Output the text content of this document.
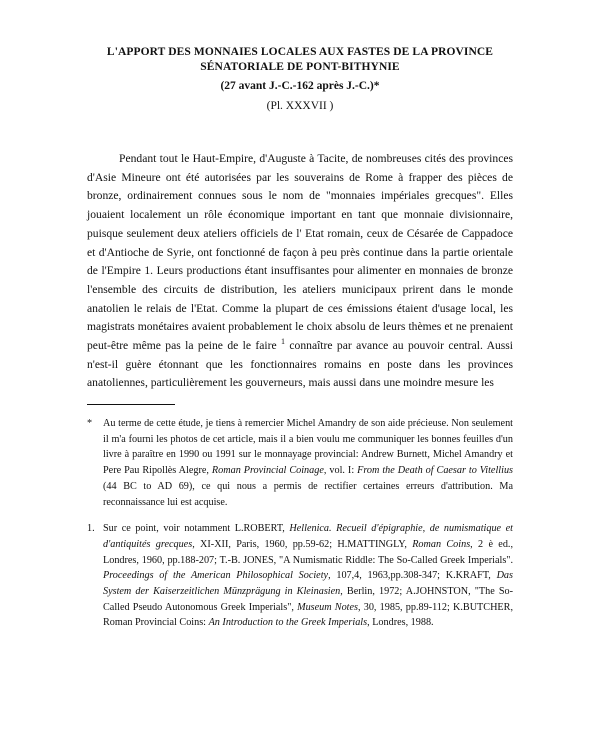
L'APPORT DES MONNAIES LOCALES AUX FASTES DE LA PROVINCE
SÉNATORIALE DE PONT-BITHYNIE
(27 avant J.-C.-162 après J.-C.)*
(Pl. XXXVII )

Pendant tout le Haut-Empire, d'Auguste à Tacite, de nombreuses cités des provinces d'Asie Mineure ont été autorisées par les souverains de Rome à frapper des pièces de bronze, ordinairement connues sous le nom de "monnaies impériales grecques". Elles jouaient localement un rôle économique important en tant que monnaie divisionnaire, puisque seulement deux ateliers officiels de l' Etat romain, ceux de Césarée de Cappadoce et d'Antioche de Syrie, ont fonctionné de façon à peu près continue dans la partie orientale de l'Empire 1. Leurs productions étant insuffisantes pour alimenter en monnaies de bronze l'ensemble des circuits de distribution, les ateliers municipaux prirent dans le monde anatolien le relais de l'Etat. Comme la plupart de ces émissions étaient d'usage local, les magistrats monétaires avaient probablement le choix absolu de leurs thèmes et ne prenaient peut-être même pas la peine de le faire $^1$ connaître par avance au pouvoir central. Aussi n'est-il guère étonnant que les fonctionnaires romains en poste dans les provinces anatoliennes, particulièrement les gouverneurs, mais aussi dans une moindre mesure les

* Au terme de cette étude, je tiens à remercier Michel Amandry de son aide précieuse. Non seulement il m'a fourni les photos de cet article, mais il a bien voulu me communiquer les bonnes feuilles d'un livre à paraître en 1990 ou 1991 sur le monnayage provincial: Andrew Burnett, Michel Amandry et Pere Pau Ripollès Alegre, Roman Provincial Coinage, vol. I: From the Death of Caesar to Vitellius (44 BC to AD 69), ce qui nous a permis de rectifier certaines erreurs d'attribution. Ma reconnaissance lui est acquise.
1. Sur ce point, voir notamment L.ROBERT, Hellenica. Recueil d'épigraphie, de numismatique et d'antiquités grecques, XI-XII, Paris, 1960, pp.59-62; H.MATTINGLY, Roman Coins, 2 è ed., Londres, 1960, pp.188-207; T.-B. JONES, "A Numismatic Riddle: The So-Called Greek Imperials". Proceedings of the American Philosophical Society, 107,4, 1963,pp.308-347; K.KRAFT, Das System der Kaiserzeitlichen Münzprägung in Kleinasien, Berlin, 1972; A.JOHNSTON, "The So-Called Pseudo Autonomous Greek Imperials", Museum Notes, 30, 1985, pp.89-112; K.BUTCHER, Roman Provincial Coins: An Introduction to the Greek Imperials, Londres, 1988.
